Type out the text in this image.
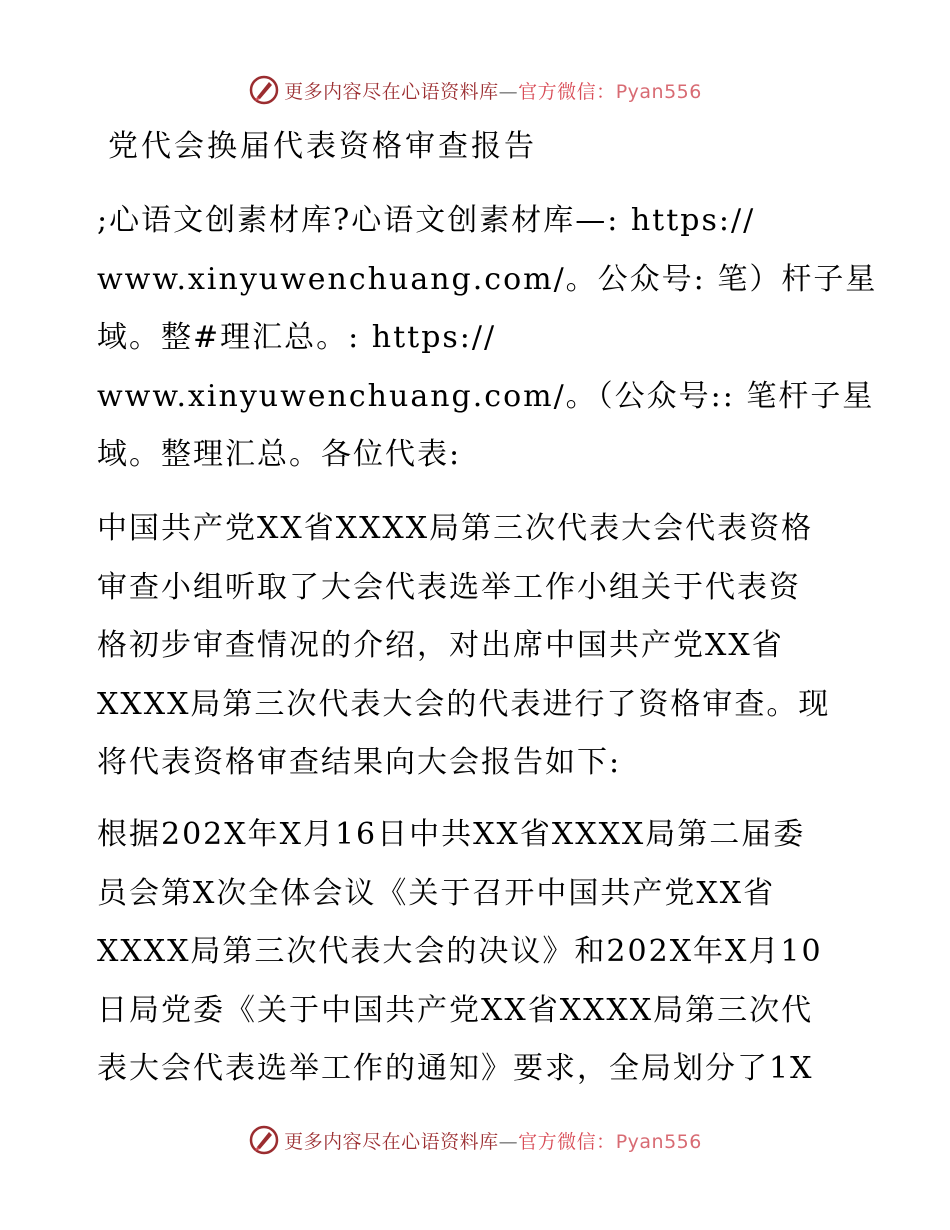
更多内容尽在心语资料库—官方微信：Pyan556
党代会换届代表资格审查报告

;心语文创素材库?心语文创素材库—: https://
www.xinyuwenchuang.com/。公众号: 笔）杆子星
域。整#理汇总。: https://
www.xinyuwenchuang.com/。（公众号:: 笔杆子星
域。整理汇总。各位代表:

中国共产党XX省XXXX局第三次代表大会代表资格
审查小组听取了大会代表选举工作小组关于代表资
格初步审查情况的介绍，对出席中国共产党XX省
XXXX局第三次代表大会的代表进行了资格审查。现
将代表资格审查结果向大会报告如下:

根据202X年X月16日中共XX省XXXX局第二届委
员会第X次全体会议《关于召开中国共产党XX省
XXXX局第三次代表大会的决议》和202X年X月10
日局党委《关于中国共产党XX省XXXX局第三次代
表大会代表选举工作的通知》要求，全局划分了1X

更多内容尽在心语资料库—官方微信：Pyan556
